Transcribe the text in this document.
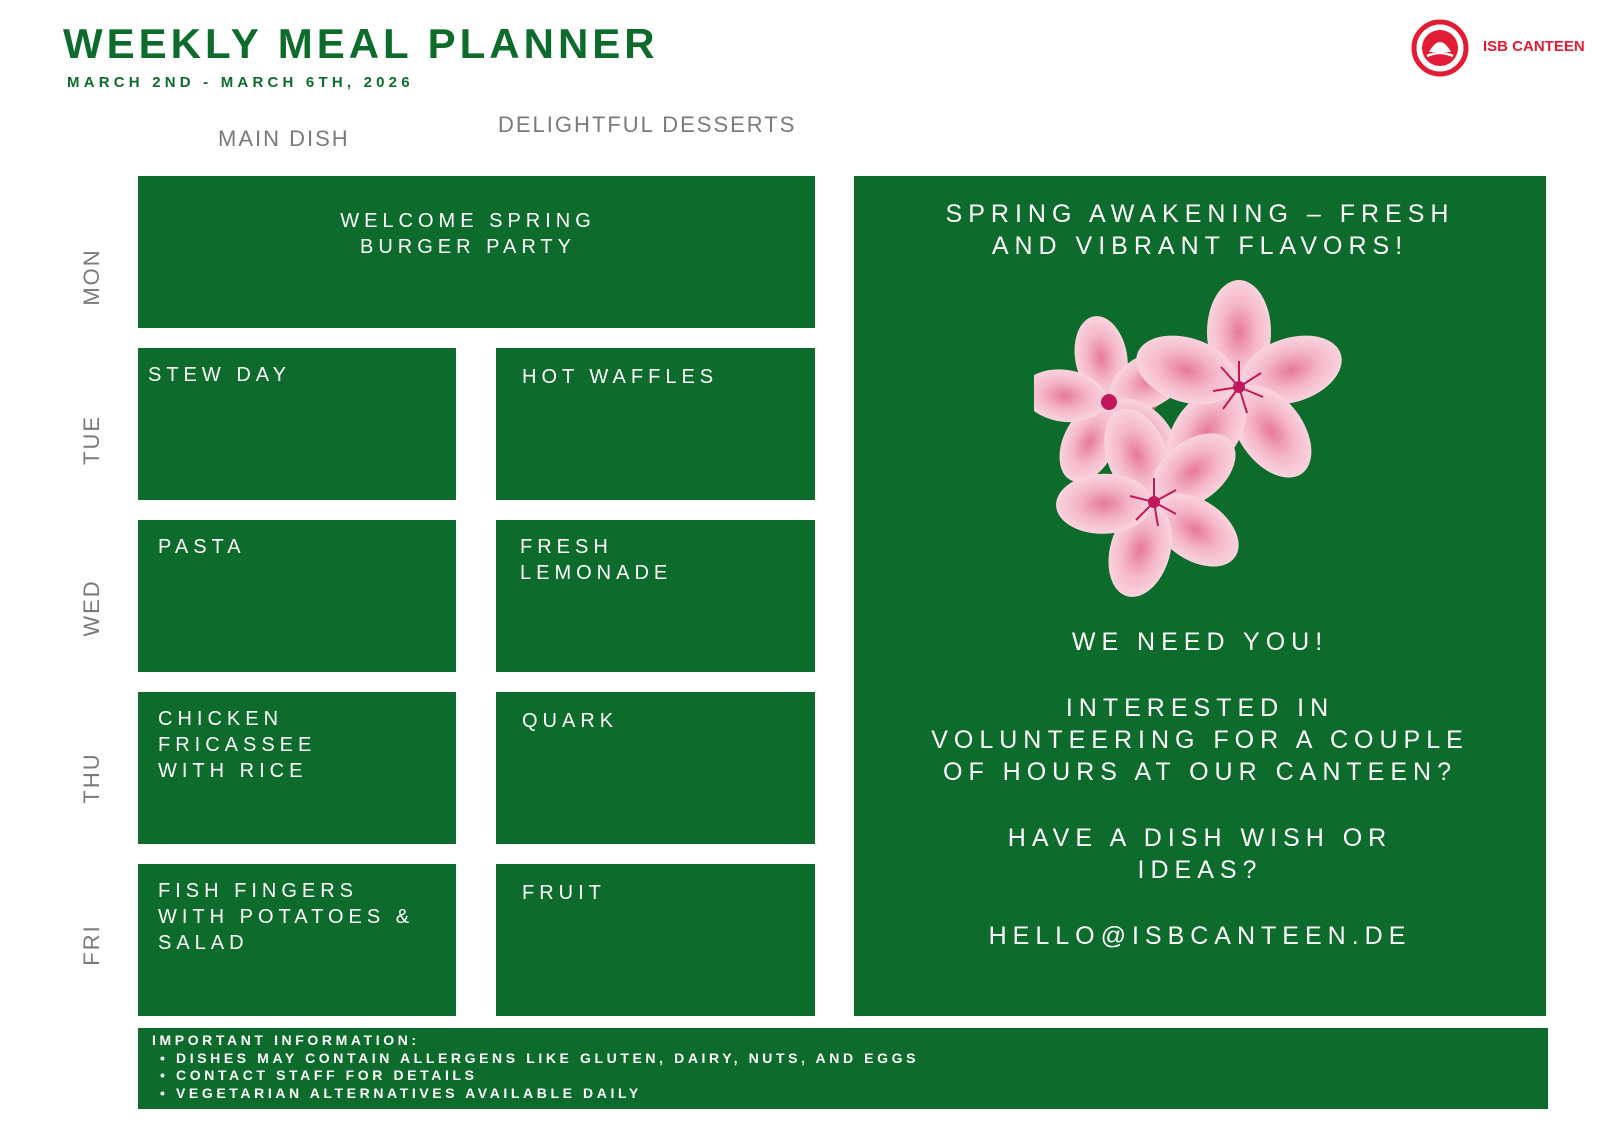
WEEKLY MEAL PLANNER
MARCH 2ND - MARCH 6TH, 2026
ISB CANTEEN
MAIN DISH
DELIGHTFUL DESSERTS
MON
TUE
WED
THU
FRI
WELCOME SPRING BURGER PARTY
STEW DAY	HOT WAFFLES
PASTA	FRESH LEMONADE
CHICKEN FRICASSEE WITH RICE
QUARK
FISH FINGERS WITH POTATOES & SALAD
FRUIT
SPRING AWAKENING – FRESH
AND VIBRANT FLAVORS!
WE NEED YOU!
INTERESTED IN
VOLUNTEERING FOR A COUPLE
OF HOURS AT OUR CANTEEN?
HAVE A DISH WISH OR
IDEAS?
HELLO@ISBCANTEEN.DE
IMPORTANT INFORMATION:
• DISHES MAY CONTAIN ALLERGENS LIKE GLUTEN, DAIRY, NUTS, AND EGGS
• CONTACT STAFF FOR DETAILS
• VEGETARIAN ALTERNATIVES AVAILABLE DAILY
